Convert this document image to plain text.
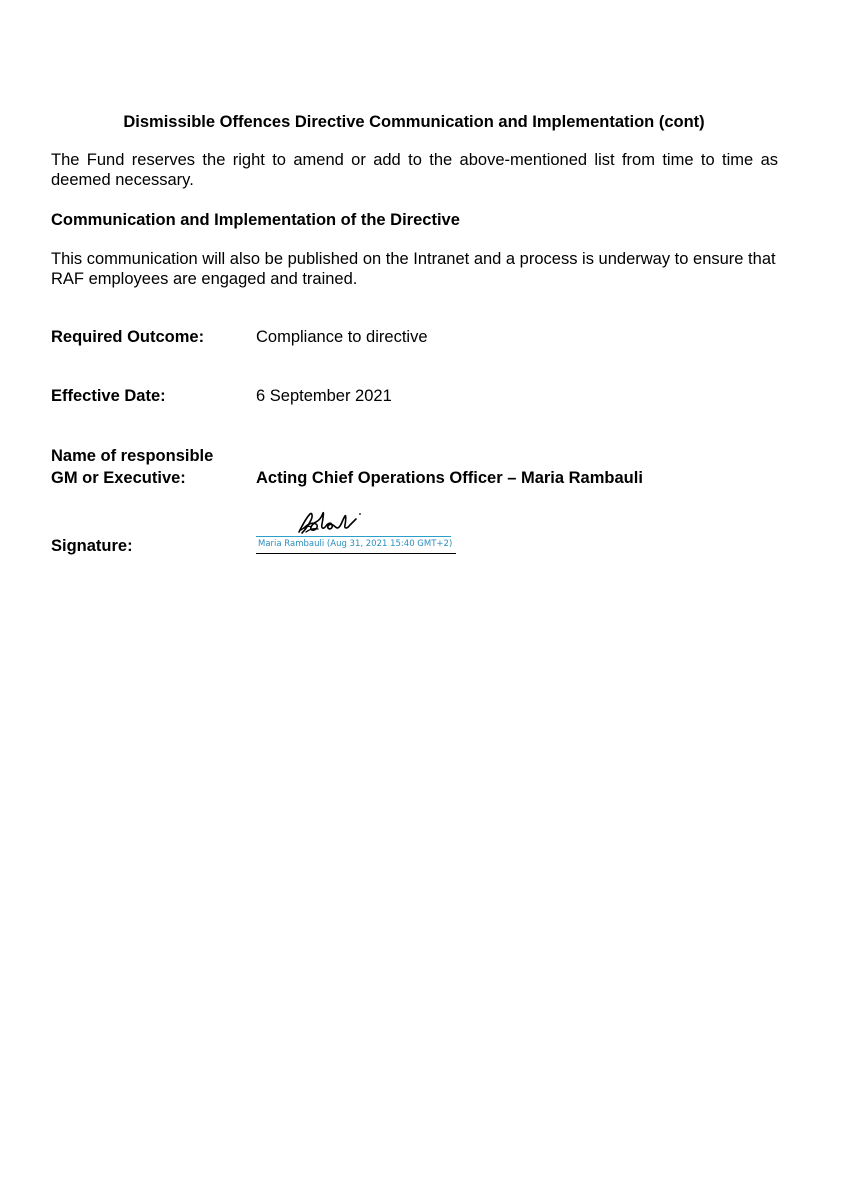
Dismissible Offences Directive Communication and Implementation (cont)
The Fund reserves the right to amend or add to the above-mentioned list from time to time as deemed necessary.
Communication and Implementation of the Directive
This communication will also be published on the Intranet and a process is underway to ensure that RAF employees are engaged and trained.
Required Outcome:	Compliance to directive
Effective Date:	6 September 2021
Name of responsible
GM or Executive:	Acting Chief Operations Officer – Maria Rambauli
Signature:	Maria Rambauli (Aug 31, 2021 15:40 GMT+2)
